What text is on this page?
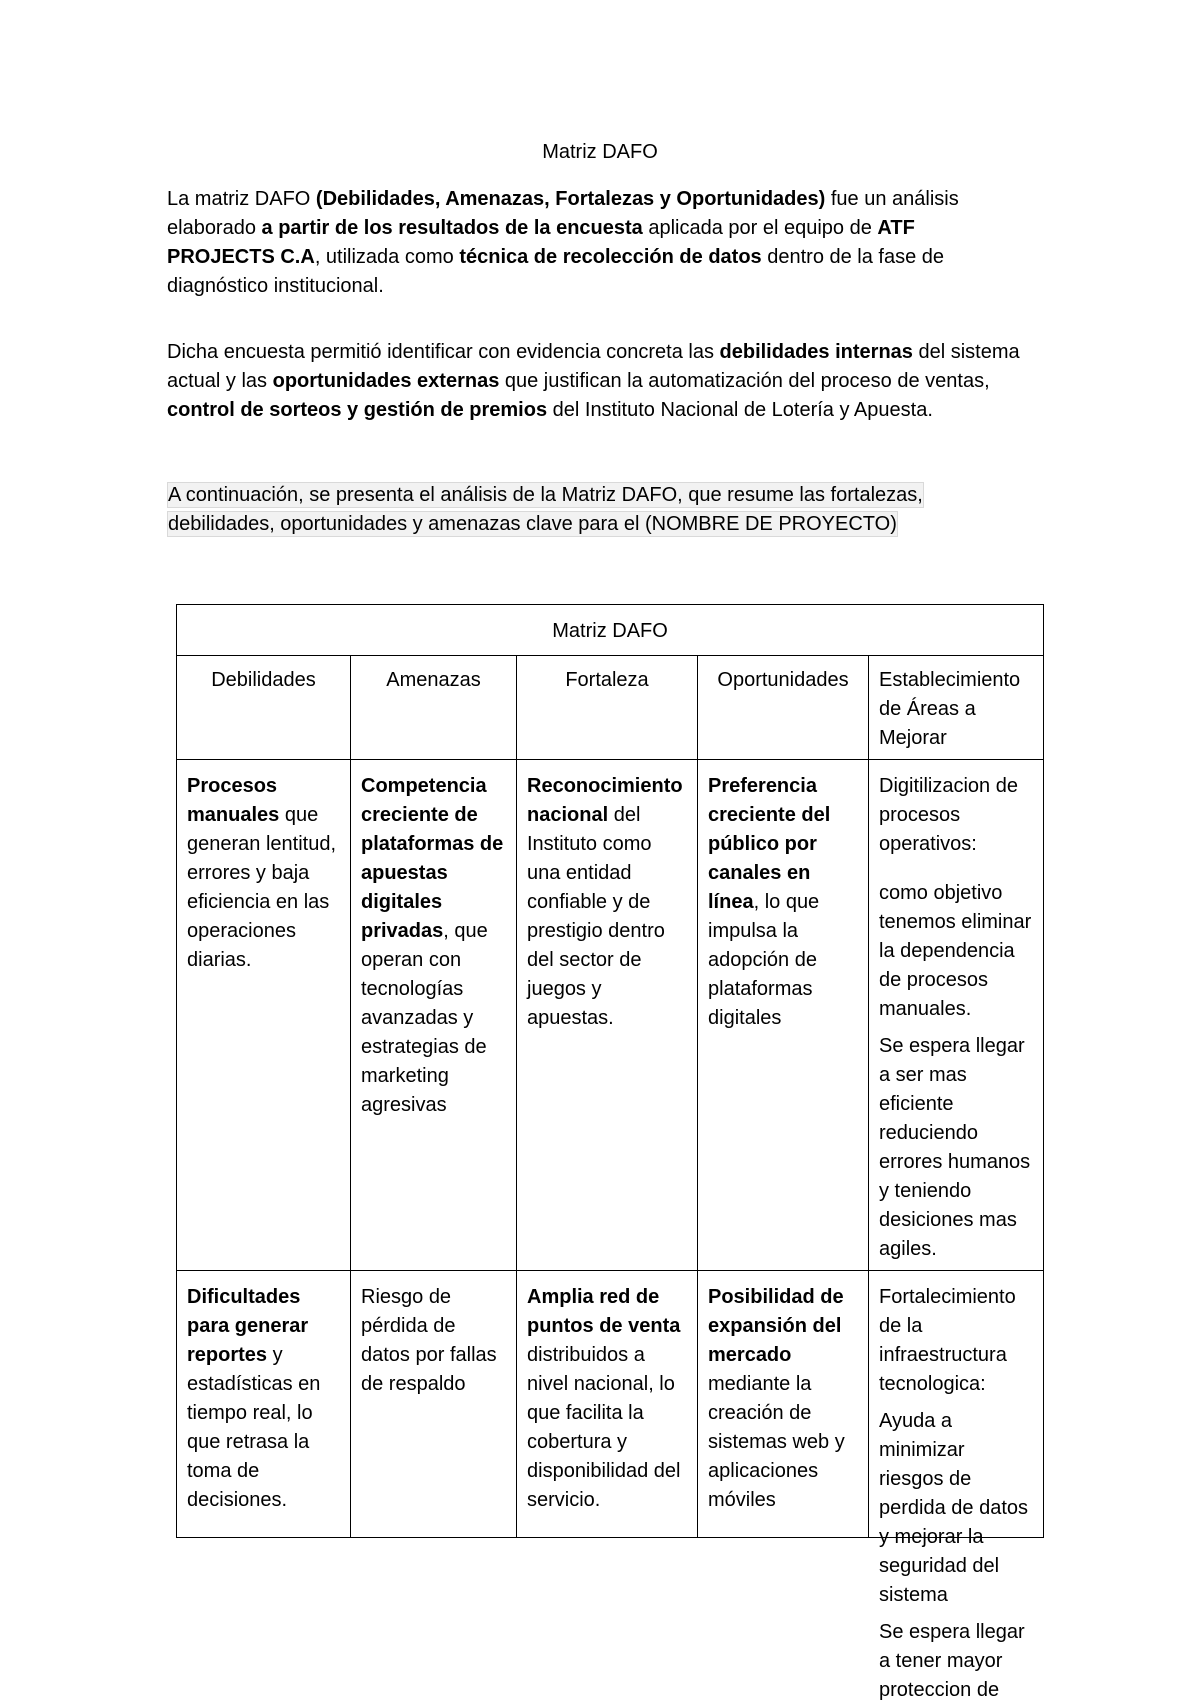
Matriz DAFO
La matriz DAFO (Debilidades, Amenazas, Fortalezas y Oportunidades) fue un análisis elaborado a partir de los resultados de la encuesta aplicada por el equipo de ATF PROJECTS C.A, utilizada como técnica de recolección de datos dentro de la fase de diagnóstico institucional.
Dicha encuesta permitió identificar con evidencia concreta las debilidades internas del sistema actual y las oportunidades externas que justifican la automatización del proceso de ventas, control de sorteos y gestión de premios del Instituto Nacional de Lotería y Apuesta.
A continuación, se presenta el análisis de la Matriz DAFO, que resume las fortalezas, debilidades, oportunidades y amenazas clave para el (NOMBRE DE PROYECTO)
Matriz DAFO				
Debilidades	Amenazas	Fortaleza	Oportunidades	Establecimiento de Áreas a Mejorar
Procesos manuales que generan lentitud, errores y baja eficiencia en las operaciones diarias.	Competencia creciente de plataformas de apuestas digitales privadas, que operan con tecnologías avanzadas y estrategias de marketing agresivas	Reconocimiento nacional del Instituto como una entidad confiable y de prestigio dentro del sector de juegos y apuestas.	Preferencia creciente del público por canales en línea, lo que impulsa la adopción de plataformas digitales	Digitilizacion de procesos operativos:
como objetivo tenemos eliminar la dependencia de procesos manuales.
Se espera llegar a ser mas eficiente reduciendo errores humanos y teniendo desiciones mas agiles.

Dificultades para generar reportes y estadísticas en tiempo real, lo que retrasa la toma de decisiones.	Riesgo de pérdida de datos por fallas de respaldo	Amplia red de puntos de venta distribuidos a nivel nacional, lo que facilita la cobertura y disponibilidad del servicio.	Posibilidad de expansión del mercado mediante la creación de sistemas web y aplicaciones móviles	Fortalecimiento de la infraestructura tecnologica:
Ayuda a minimizar riesgos de perdida de datos y mejorar la seguridad del sistema
Se espera llegar a tener mayor proteccion de
